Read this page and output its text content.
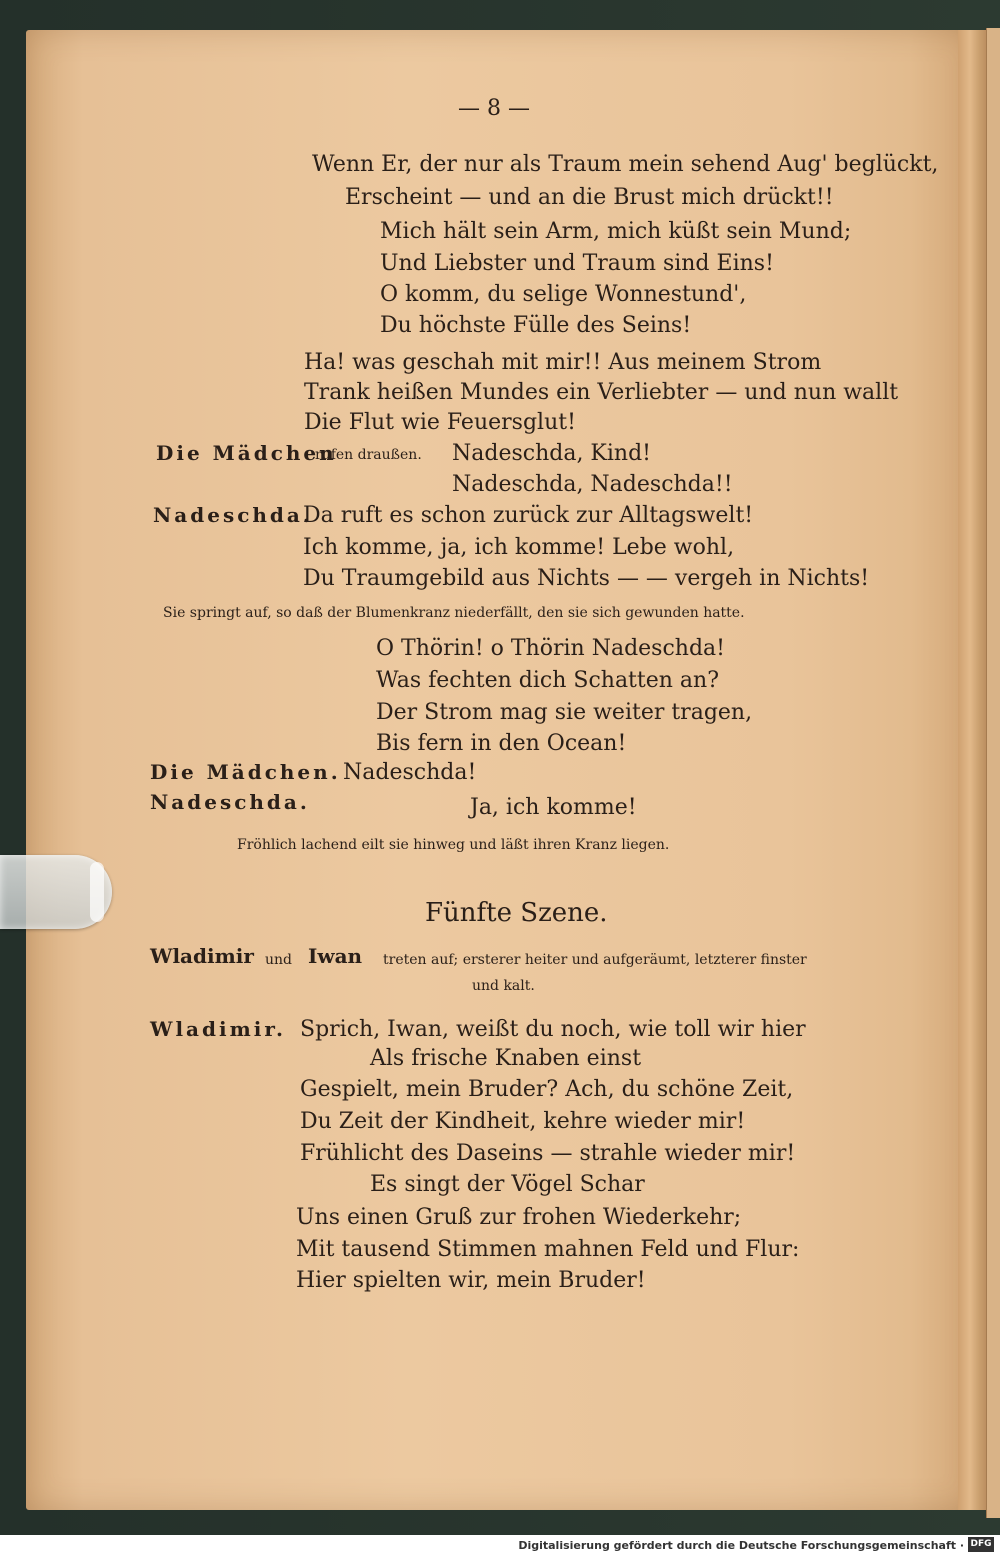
— 8 —
Wenn Er, der nur als Traum mein sehend Aug' beglückt,
Erscheint — und an die Brust mich drückt!!
Mich hält sein Arm, mich küßt sein Mund;
Und Liebster und Traum sind Eins!
O komm, du selige Wonnestund',
Du höchste Fülle des Seins!
Ha! was geschah mit mir!! Aus meinem Strom
Trank heißen Mundes ein Verliebter — und nun wallt
Die Flut wie Feuersglut!
Die Mädchen
rufen draußen. Nadeschda, Kind!
Nadeschda, Nadeschda!!
Nadeschda.
Da ruft es schon zurück zur Alltagswelt!
Ich komme, ja, ich komme! Lebe wohl,
Du Traumgebild aus Nichts — — vergeh in Nichts!
Sie springt auf, so daß der Blumenkranz niederfällt, den sie sich gewunden hatte.
O Thörin! o Thörin Nadeschda!
Was fechten dich Schatten an?
Der Strom mag sie weiter tragen,
Bis fern in den Ocean!
Die Mädchen. Nadeschda!
Nadeschda.	Ja, ich komme!
Fröhlich lachend eilt sie hinweg und läßt ihren Kranz liegen.
Fünfte Szene.
Wladimir und Iwan treten auf; ersterer heiter und aufgeräumt, letzterer finster
und kalt.
Wladimir. Sprich, Iwan, weißt du noch, wie toll wir hier
Als frische Knaben einst
Gespielt, mein Bruder? Ach, du schöne Zeit,
Du Zeit der Kindheit, kehre wieder mir!
Frühlicht des Daseins — strahle wieder mir!
Es singt der Vögel Schar
Uns einen Gruß zur frohen Wiederkehr;
Mit tausend Stimmen mahnen Feld und Flur:
Hier spielten wir, mein Bruder!
Digitalisierung gefördert durch die Deutsche Forschungsgemeinschaft · DFG
